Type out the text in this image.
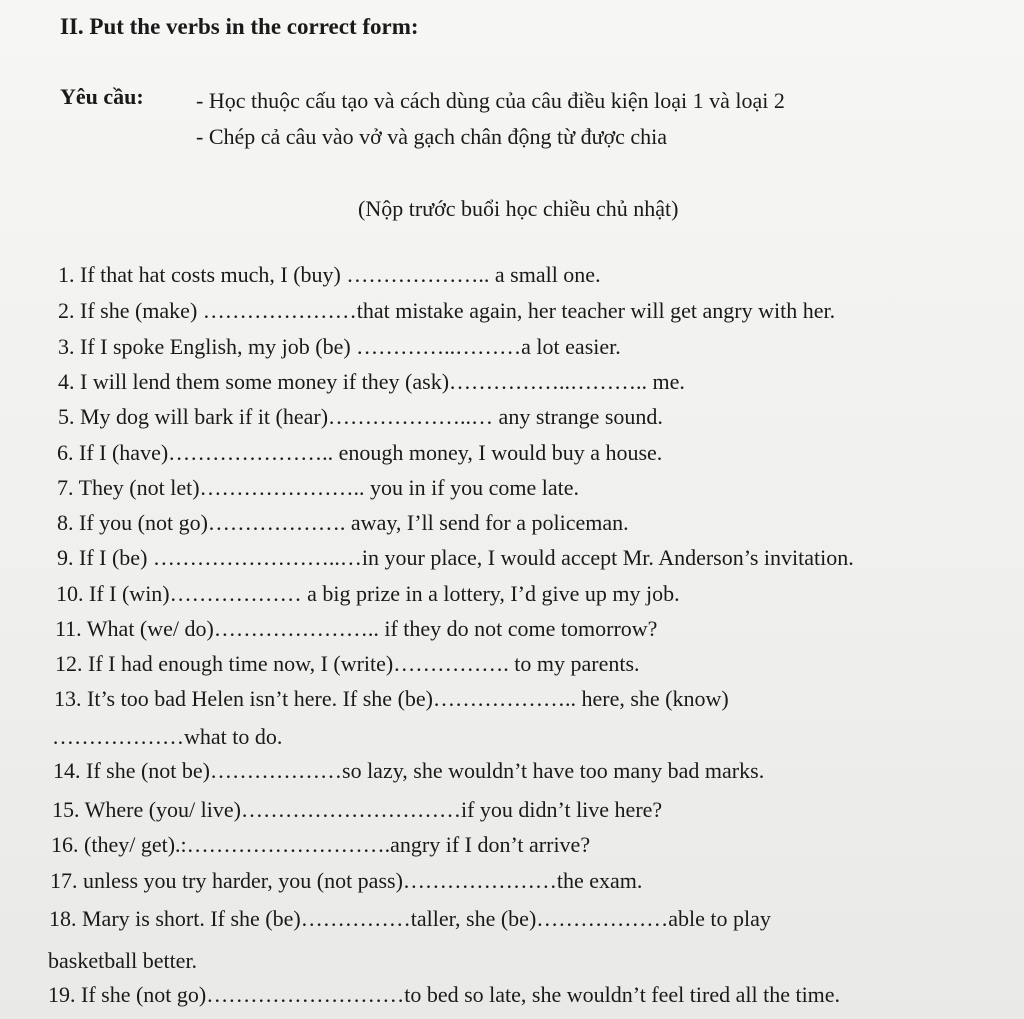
II. Put the verbs in the correct form:
Yêu cầu: - Học thuộc cấu tạo và cách dùng của câu điều kiện loại 1 và loại 2
- Chép cả câu vào vở và gạch chân động từ được chia
(Nộp trước buổi học chiều chủ nhật)
1. If that hat costs much, I (buy) ……………….. a small one.
2. If she (make) …………………that mistake again, her teacher will get angry with her.
3. If I spoke English, my job (be) …………..………a lot easier.
4. I will lend them some money if they (ask)……………..……….. me.
5. My dog will bark if it (hear)………………..… any strange sound.
6. If I (have)………………….. enough money, I would buy a house.
7. They (not let)………………….. you in if you come late.
8. If you (not go)………………. away, I’ll send for a policeman.
9. If I (be) ……………………..…in your place, I would accept Mr. Anderson’s invitation.
10. If I (win)……………… a big prize in a lottery, I’d give up my job.
11. What (we/ do)………………….. if they do not come tomorrow?
12. If I had enough time now, I (write)……………. to my parents.
13. It’s too bad Helen isn’t here. If she (be)……………….. here, she (know)
………………what to do.
14. If she (not be)………………so lazy, she wouldn’t have too many bad marks.
15. Where (you/ live)…………………………if you didn’t live here?
16. (they/ get).:……………………….angry if I don’t arrive?
17. unless you try harder, you (not pass)…………………the exam.
18. Mary is short. If she (be)……………taller, she (be)………………able to play
basketball better.
19. If she (not go)………………………to bed so late, she wouldn’t feel tired all the time.
